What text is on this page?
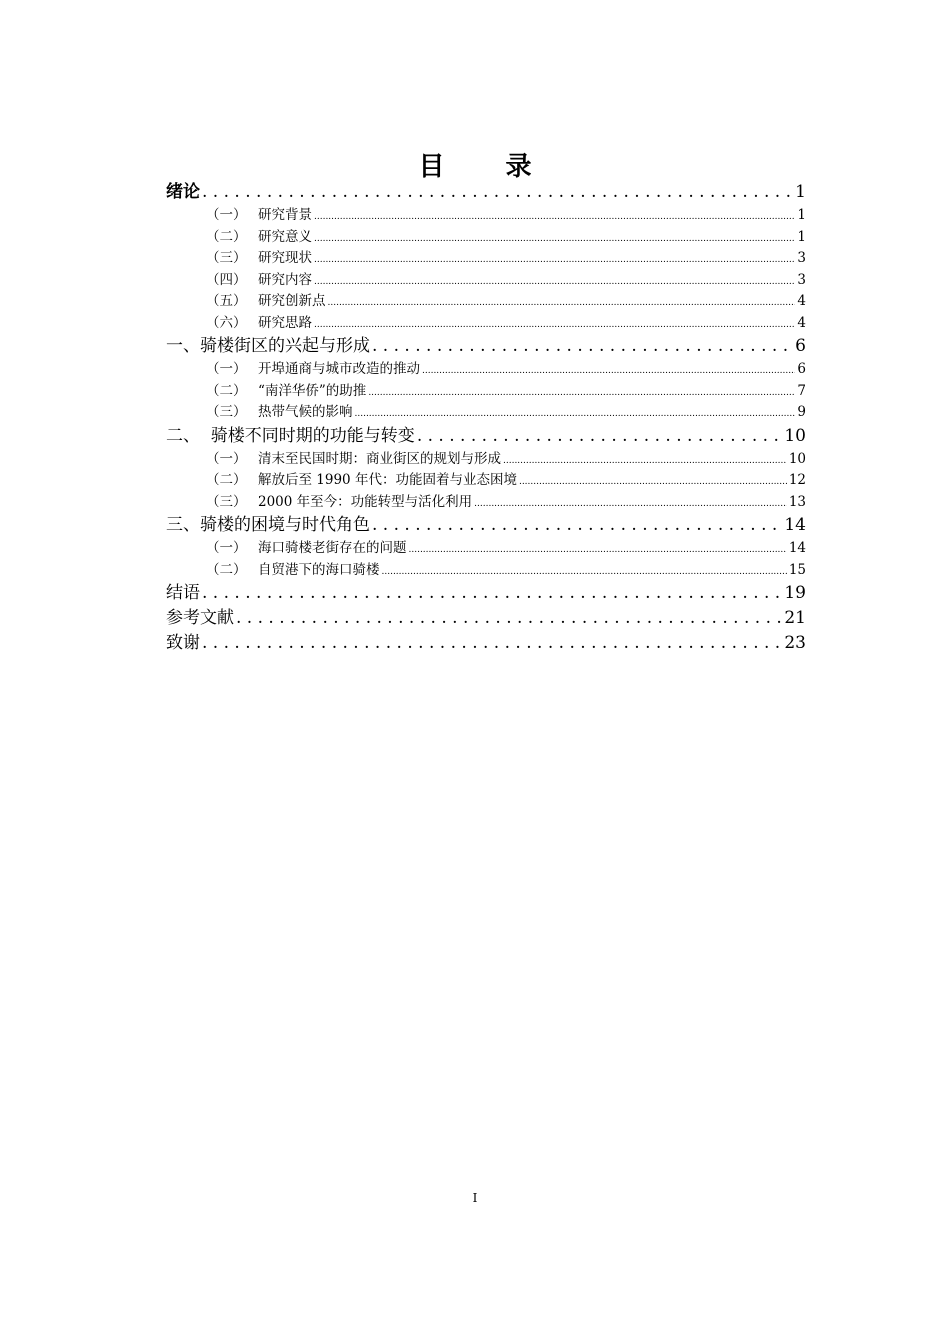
目 录
绪论 . . .	1
（一） 研究背景 .....	1
（二） 研究意义 .....	1
（三） 研究现状 .....	3
（四） 研究内容 .....	3
（五） 研究创新点 .....	4
（六） 研究思路 .....	4
一、骑楼街区的兴起与形成 . . .	6
（一） 开埠通商与城市改造的推动 .....	6
（二） “南洋华侨”的助推 .....	7
（三） 热带气候的影响 .....	9
二、  骑楼不同时期的功能与转变 . . .	10
（一） 清末至民国时期：商业街区的规划与形成 .....	10
（二） 解放后至 1990 年代：功能固着与业态困境 .....	12
（三） 2000 年至今：功能转型与活化利用 .....	13
三、骑楼的困境与时代角色 . . .	14
（一） 海口骑楼老街存在的问题 .....	14
（二） 自贸港下的海口骑楼 .....	15
结语 . . .	19
参考文献 . . .	21
致谢 . . .	23
I
